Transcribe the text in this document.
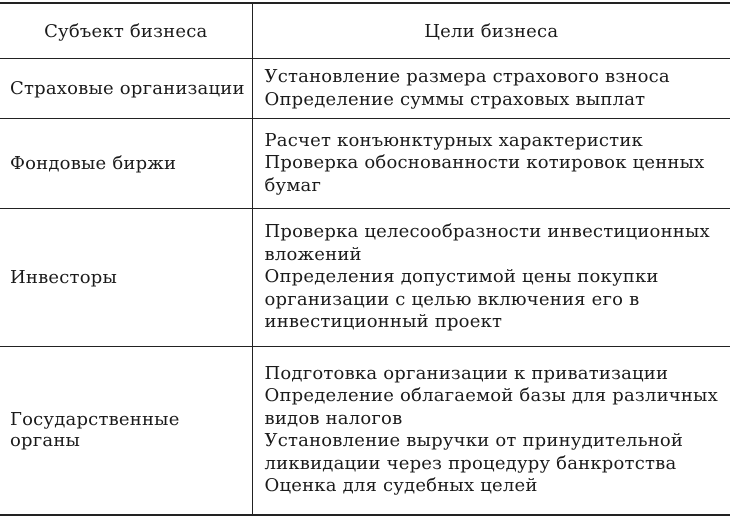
Субъект бизнеса	Цели бизнеса
Страховые организации	Установление размера страхового взноса
Определение суммы страховых выплат

Фондовые биржи	Расчет конъюнктурных характеристик
Проверка обоснованности котировок ценных бумаг

Инвесторы	Проверка целесообразности инвестиционных вложений
Определения допустимой цены покупки организации с целью включения его в инвестиционный проект

Государственные органы	Подготовка организации к приватизации
Определение облагаемой базы для различных видов налогов
Установление выручки от принудительной ликвидации через процедуру банкротства
Оценка для судебных целей
